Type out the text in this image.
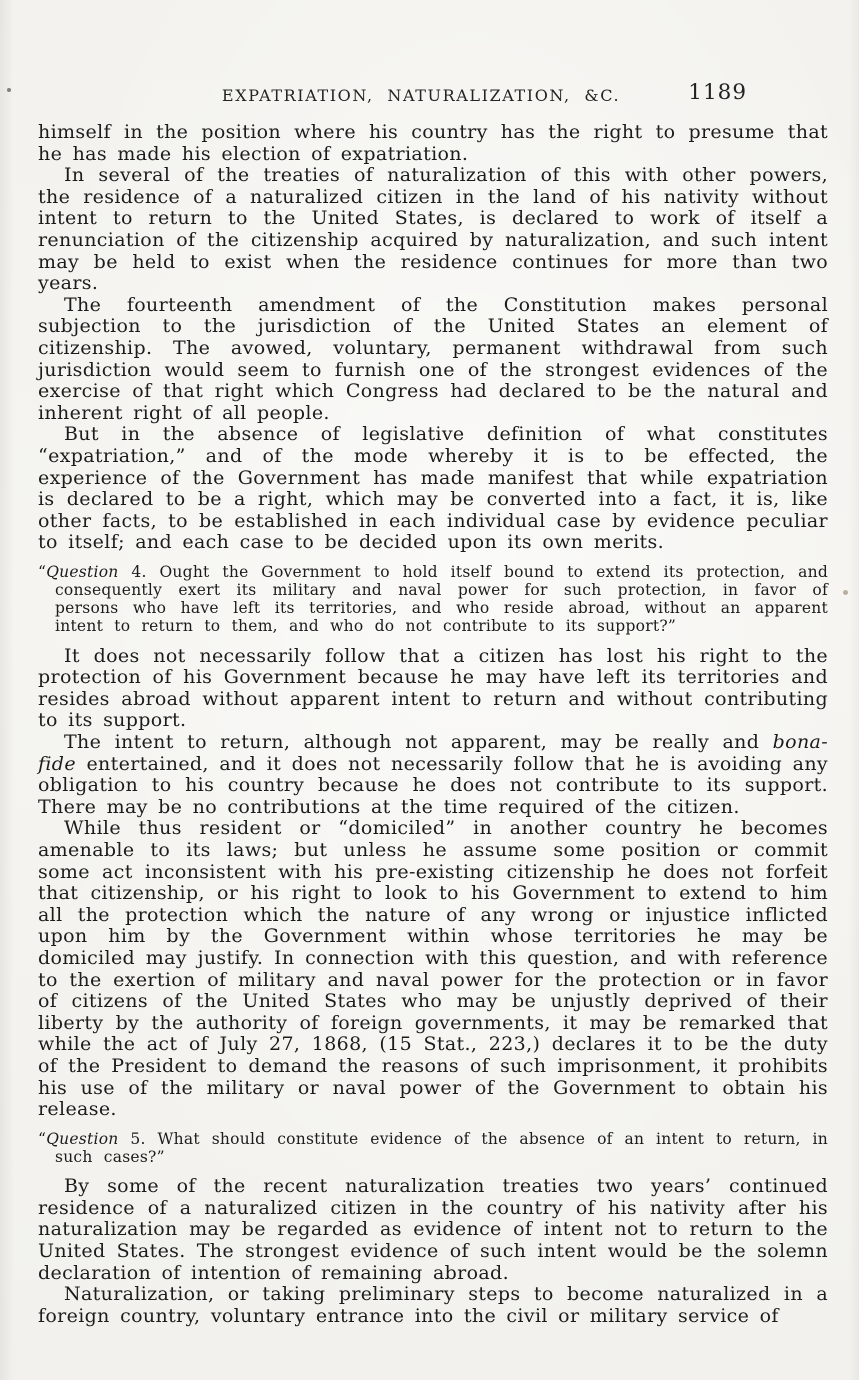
EXPATRIATION, NATURALIZATION, &C.	1189

himself in the position where his country has the right to presume that he has made his election of expatriation.

In several of the treaties of naturalization of this with other powers, the residence of a naturalized citizen in the land of his nativity without intent to return to the United States, is declared to work of itself a renunciation of the citizenship acquired by naturalization, and such intent may be held to exist when the residence continues for more than two years.

The fourteenth amendment of the Constitution makes personal subjection to the jurisdiction of the United States an element of citizenship. The avowed, voluntary, permanent withdrawal from such jurisdiction would seem to furnish one of the strongest evidences of the exercise of that right which Congress had declared to be the natural and inherent right of all people.

But in the absence of legislative definition of what constitutes “expatriation,” and of the mode whereby it is to be effected, the experience of the Government has made manifest that while expatriation is declared to be a right, which may be converted into a fact, it is, like other facts, to be established in each individual case by evidence peculiar to itself; and each case to be decided upon its own merits.

“Question 4. Ought the Government to hold itself bound to extend its protection, and consequently exert its military and naval power for such protection, in favor of persons who have left its territories, and who reside abroad, without an apparent intent to return to them, and who do not contribute to its support?”

It does not necessarily follow that a citizen has lost his right to the protection of his Government because he may have left its territories and resides abroad without apparent intent to return and without contributing to its support.

The intent to return, although not apparent, may be really and bona-fide entertained, and it does not necessarily follow that he is avoiding any obligation to his country because he does not contribute to its support. There may be no contributions at the time required of the citizen.

While thus resident or “domiciled” in another country he becomes amenable to its laws; but unless he assume some position or commit some act inconsistent with his pre-existing citizenship he does not forfeit that citizenship, or his right to look to his Government to extend to him all the protection which the nature of any wrong or injustice inflicted upon him by the Government within whose territories he may be domiciled may justify. In connection with this question, and with reference to the exertion of military and naval power for the protection or in favor of citizens of the United States who may be unjustly deprived of their liberty by the authority of foreign governments, it may be remarked that while the act of July 27, 1868, (15 Stat., 223,) declares it to be the duty of the President to demand the reasons of such imprisonment, it prohibits his use of the military or naval power of the Government to obtain his release.

“Question 5. What should constitute evidence of the absence of an intent to return, in such cases?”

By some of the recent naturalization treaties two years’ continued residence of a naturalized citizen in the country of his nativity after his naturalization may be regarded as evidence of intent not to return to the United States. The strongest evidence of such intent would be the solemn declaration of intention of remaining abroad.

Naturalization, or taking preliminary steps to become naturalized in a foreign country, voluntary entrance into the civil or military service of
